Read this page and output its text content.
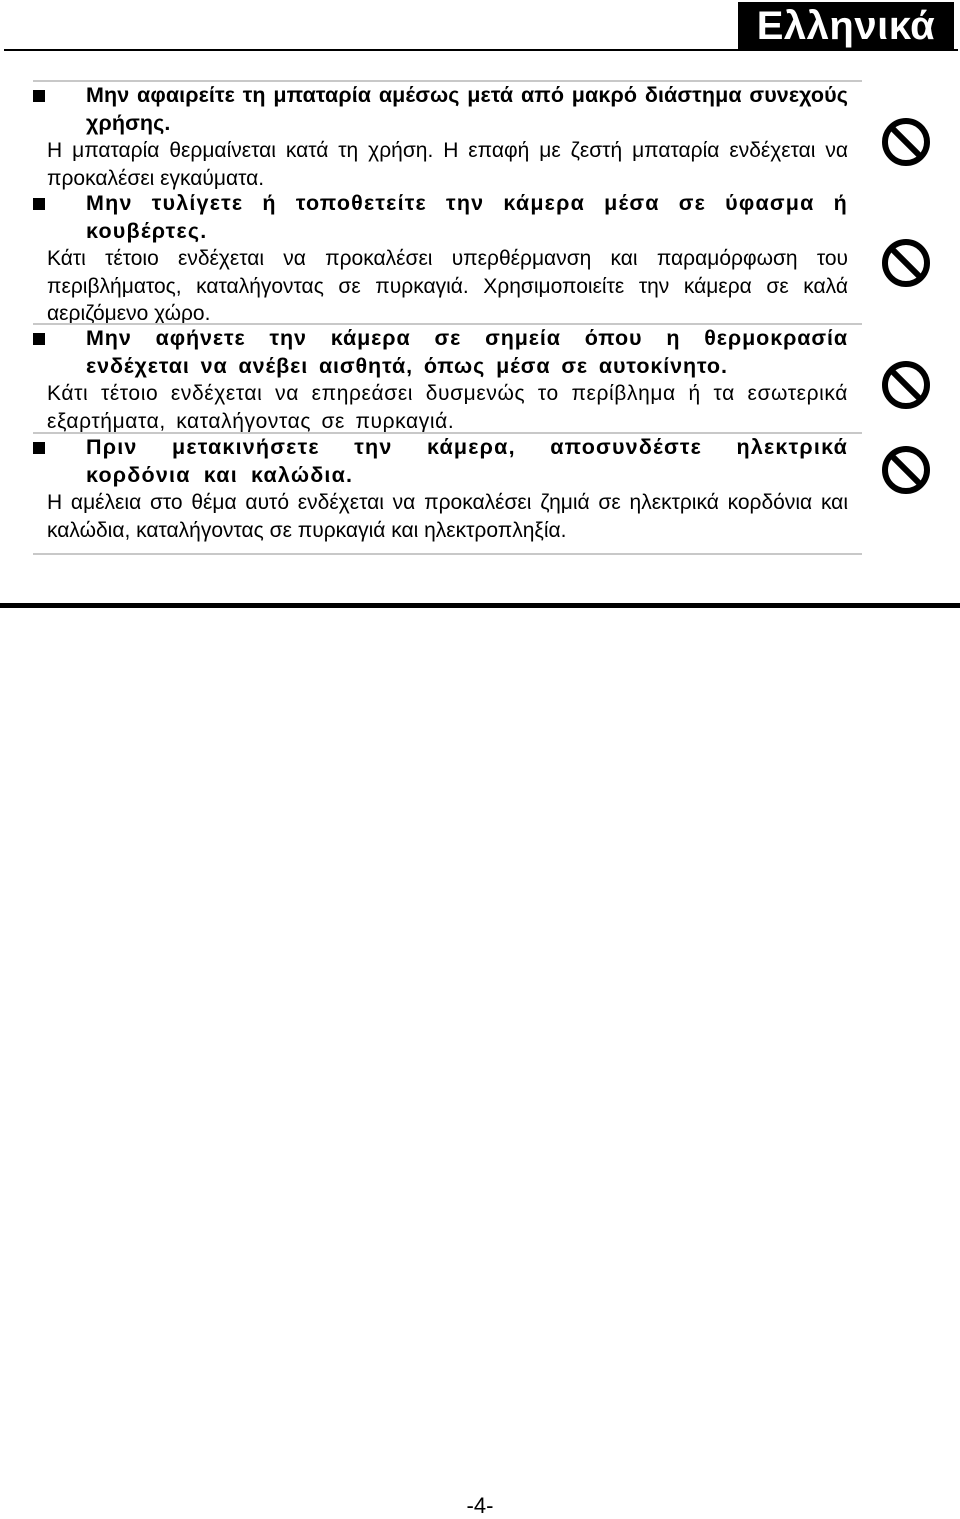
Ελληνικά
Μην αφαιρείτε τη μπαταρία αμέσως μετά από μακρό διάστημα συνεχούς χρήσης.
Η μπαταρία θερμαίνεται κατά τη χρήση. Η επαφή με ζεστή μπαταρία ενδέχεται να προκαλέσει εγκαύματα.
Μην τυλίγετε ή τοποθετείτε την κάμερα μέσα σε ύφασμα ή κουβέρτες.
Κάτι τέτοιο ενδέχεται να προκαλέσει υπερθέρμανση και παραμόρφωση του περιβλήματος, καταλήγοντας σε πυρκαγιά. Χρησιμοποιείτε την κάμερα σε καλά αεριζόμενο χώρο.
Μην αφήνετε την κάμερα σε σημεία όπου η θερμοκρασία ενδέχεται να ανέβει αισθητά, όπως μέσα σε αυτοκίνητο.
Κάτι τέτοιο ενδέχεται να επηρεάσει δυσμενώς το περίβλημα ή τα εσωτερικά εξαρτήματα, καταλήγοντας σε πυρκαγιά.
Πριν μετακινήσετε την κάμερα, αποσυνδέστε ηλεκτρικά κορδόνια και καλώδια.
Η αμέλεια στο θέμα αυτό ενδέχεται να προκαλέσει ζημιά σε ηλεκτρικά κορδόνια και καλώδια, καταλήγοντας σε πυρκαγιά και ηλεκτροπληξία.
-4-
